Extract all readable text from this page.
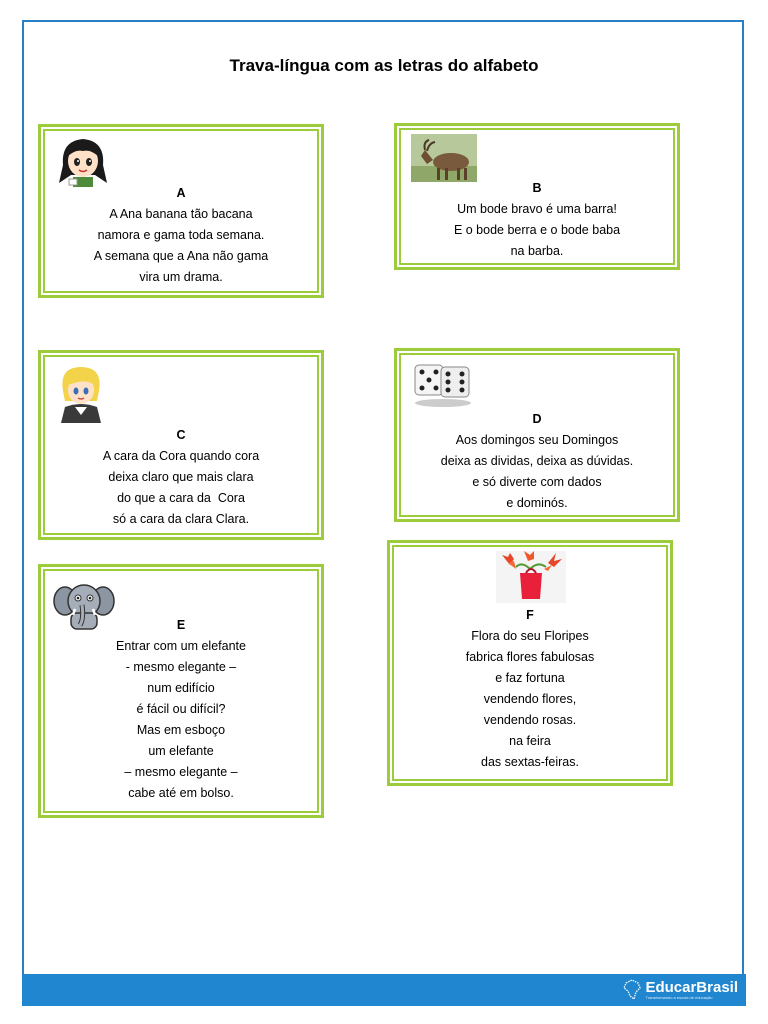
Trava-língua com as letras do alfabeto
A
A Ana banana tão bacana
namora e gama toda semana.
A semana que a Ana não gama
vira um drama.
B
Um bode bravo é uma barra!
E o bode berra e o bode baba
na barba.
C
A cara da Cora quando cora
deixa claro que mais clara
do que a cara da  Cora
só a cara da clara Clara.
D
Aos domingos seu Domingos
deixa as dividas, deixa as dúvidas.
e só diverte com dados
e dominós.
E
Entrar com um elefante
- mesmo elegante –
num edifício
é fácil ou difícil?
Mas em esboço
um elefante
– mesmo elegante –
cabe até em bolso.
F
Flora do seu Floripes
fabrica flores fabulosas
e faz fortuna
vendendo flores,
vendendo rosas.
na feira
das sextas-feiras.
EducarBrasil
Transformando a escola de educação
